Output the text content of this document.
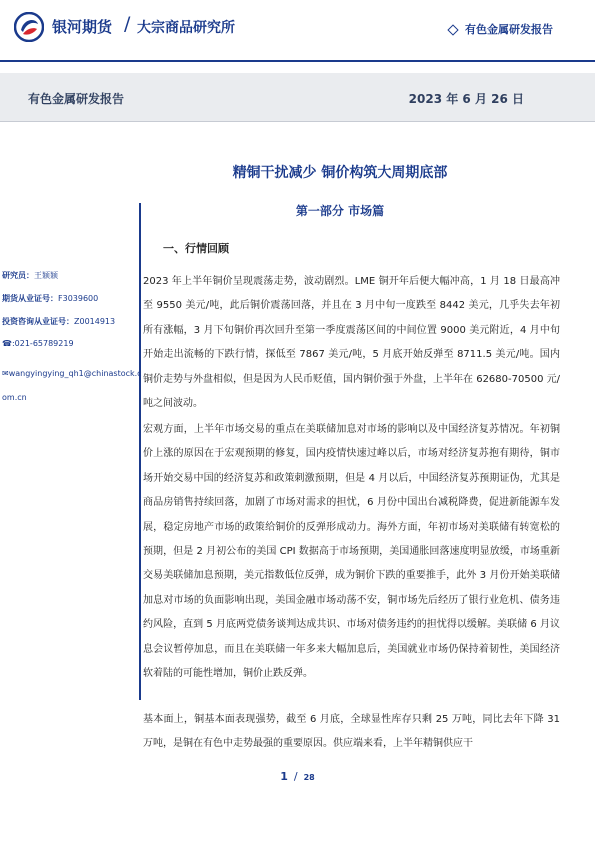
银河期货 / 大宗商品研究所	有色金属研发报告
有色金属研发报告	2023 年 6 月 26 日
精铜干扰减少 铜价构筑大周期底部
第一部分 市场篇
一、行情回顾
研究员：王颖颖
期货从业证号：F3039600
投资咨询从业证号：Z0014913
☎:021-65789219
✉wangyingying_qh1@chinastock.c
om.cn
2023 年上半年铜价呈现震荡走势，波动剧烈。LME 铜开年后便大幅冲高，1 月 18 日最高冲至 9550 美元/吨，此后铜价震荡回落，并且在 3 月中旬一度跌至 8442 美元，几乎失去年初所有涨幅，3 月下旬铜价再次回升至第一季度震荡区间的中间位置 9000 美元附近，4 月中旬开始走出流畅的下跌行情，探低至 7867 美元/吨，5 月底开始反弹至 8711.5 美元/吨。国内铜价走势与外盘相似，但是因为人民币贬值，国内铜价强于外盘，上半年在 62680-70500 元/吨之间波动。
宏观方面，上半年市场交易的重点在美联储加息对市场的影响以及中国经济复苏情况。年初铜价上涨的原因在于宏观预期的修复，国内疫情快速过峰以后，市场对经济复苏抱有期待，铜市场开始交易中国的经济复苏和政策刺激预期，但是 4 月以后，中国经济复苏预期证伪，尤其是商品房销售持续回落，加剧了市场对需求的担忧，6 月份中国出台减税降费，促进新能源车发展，稳定房地产市场的政策给铜价的反弹形成动力。海外方面，年初市场对美联储有转宽松的预期，但是 2 月初公布的美国 CPI 数据高于市场预期，美国通胀回落速度明显放缓，市场重新交易美联储加息预期，美元指数低位反弹，成为铜价下跌的重要推手，此外 3 月份开始美联储加息对市场的负面影响出现，美国金融市场动荡不安，铜市场先后经历了银行业危机、债务违约风险，直到 5 月底两党债务谈判达成共识、市场对债务违约的担忧得以缓解。美联储 6 月议息会议暂停加息，而且在美联储一年多来大幅加息后，美国就业市场仍保持着韧性，美国经济软着陆的可能性增加，铜价止跌反弹。
基本面上，铜基本面表现强势，截至 6 月底，全球显性库存只剩 25 万吨，同比去年下降 31 万吨，是铜在有色中走势最强的重要原因。供应端来看，上半年精铜供应干
1 / 28
